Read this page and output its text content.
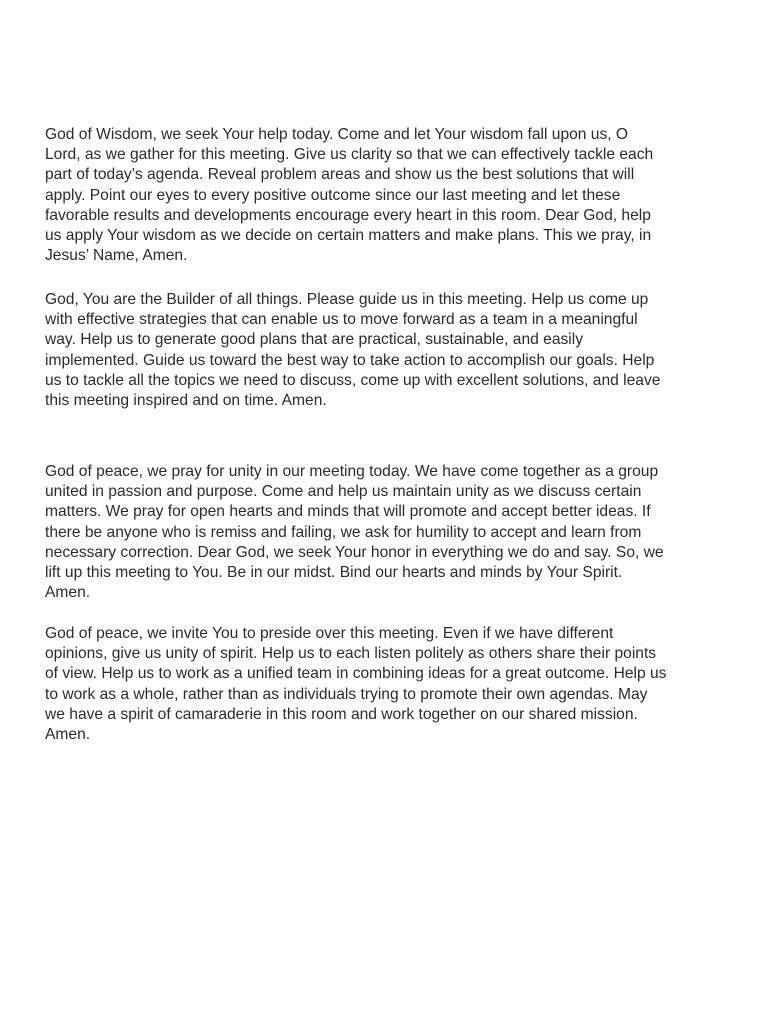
God of Wisdom, we seek Your help today. Come and let Your wisdom fall upon us, O
Lord, as we gather for this meeting. Give us clarity so that we can effectively tackle each
part of today’s agenda. Reveal problem areas and show us the best solutions that will
apply. Point our eyes to every positive outcome since our last meeting and let these
favorable results and developments encourage every heart in this room. Dear God, help
us apply Your wisdom as we decide on certain matters and make plans. This we pray, in
Jesus’ Name, Amen.

God, You are the Builder of all things. Please guide us in this meeting. Help us come up
with effective strategies that can enable us to move forward as a team in a meaningful
way. Help us to generate good plans that are practical, sustainable, and easily
implemented. Guide us toward the best way to take action to accomplish our goals. Help
us to tackle all the topics we need to discuss, come up with excellent solutions, and leave
this meeting inspired and on time. Amen.

God of peace, we pray for unity in our meeting today. We have come together as a group
united in passion and purpose. Come and help us maintain unity as we discuss certain
matters. We pray for open hearts and minds that will promote and accept better ideas. If
there be anyone who is remiss and failing, we ask for humility to accept and learn from
necessary correction. Dear God, we seek Your honor in everything we do and say. So, we
lift up this meeting to You. Be in our midst. Bind our hearts and minds by Your Spirit.
Amen.

God of peace, we invite You to preside over this meeting. Even if we have different
opinions, give us unity of spirit. Help us to each listen politely as others share their points
of view. Help us to work as a unified team in combining ideas for a great outcome. Help us
to work as a whole, rather than as individuals trying to promote their own agendas. May
we have a spirit of camaraderie in this room and work together on our shared mission.
Amen.
